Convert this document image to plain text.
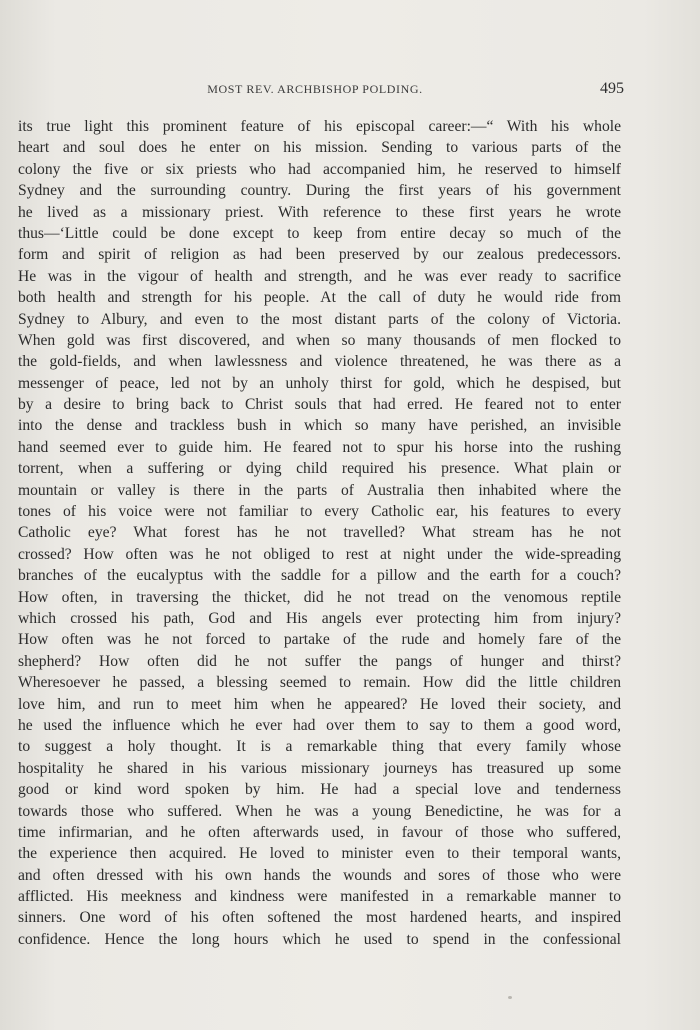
MOST REV. ARCHBISHOP POLDING.	495
its true light this prominent feature of his episcopal career:—“ With his whole
heart and soul does he enter on his mission. Sending to various parts of the
colony the five or six priests who had accompanied him, he reserved to himself
Sydney and the surrounding country. During the first years of his government
he lived as a missionary priest. With reference to these first years he wrote
thus—‘Little could be done except to keep from entire decay so much of the
form and spirit of religion as had been preserved by our zealous predecessors.
He was in the vigour of health and strength, and he was ever ready to sacrifice
both health and strength for his people. At the call of duty he would ride from
Sydney to Albury, and even to the most distant parts of the colony of Victoria.
When gold was first discovered, and when so many thousands of men flocked to
the gold-fields, and when lawlessness and violence threatened, he was there as a
messenger of peace, led not by an unholy thirst for gold, which he despised, but
by a desire to bring back to Christ souls that had erred. He feared not to enter
into the dense and trackless bush in which so many have perished, an invisible
hand seemed ever to guide him. He feared not to spur his horse into the rushing
torrent, when a suffering or dying child required his presence. What plain or
mountain or valley is there in the parts of Australia then inhabited where the
tones of his voice were not familiar to every Catholic ear, his features to every
Catholic eye? What forest has he not travelled? What stream has he not
crossed? How often was he not obliged to rest at night under the wide-spreading
branches of the eucalyptus with the saddle for a pillow and the earth for a couch?
How often, in traversing the thicket, did he not tread on the venomous reptile
which crossed his path, God and His angels ever protecting him from injury?
How often was he not forced to partake of the rude and homely fare of the
shepherd? How often did he not suffer the pangs of hunger and thirst?
Wheresoever he passed, a blessing seemed to remain. How did the little children
love him, and run to meet him when he appeared? He loved their society, and
he used the influence which he ever had over them to say to them a good word,
to suggest a holy thought. It is a remarkable thing that every family whose
hospitality he shared in his various missionary journeys has treasured up some
good or kind word spoken by him. He had a special love and tenderness
towards those who suffered. When he was a young Benedictine, he was for a
time infirmarian, and he often afterwards used, in favour of those who suffered,
the experience then acquired. He loved to minister even to their temporal wants,
and often dressed with his own hands the wounds and sores of those who were
afflicted. His meekness and kindness were manifested in a remarkable manner to
sinners. One word of his often softened the most hardened hearts, and inspired
confidence. Hence the long hours which he used to spend in the confessional
